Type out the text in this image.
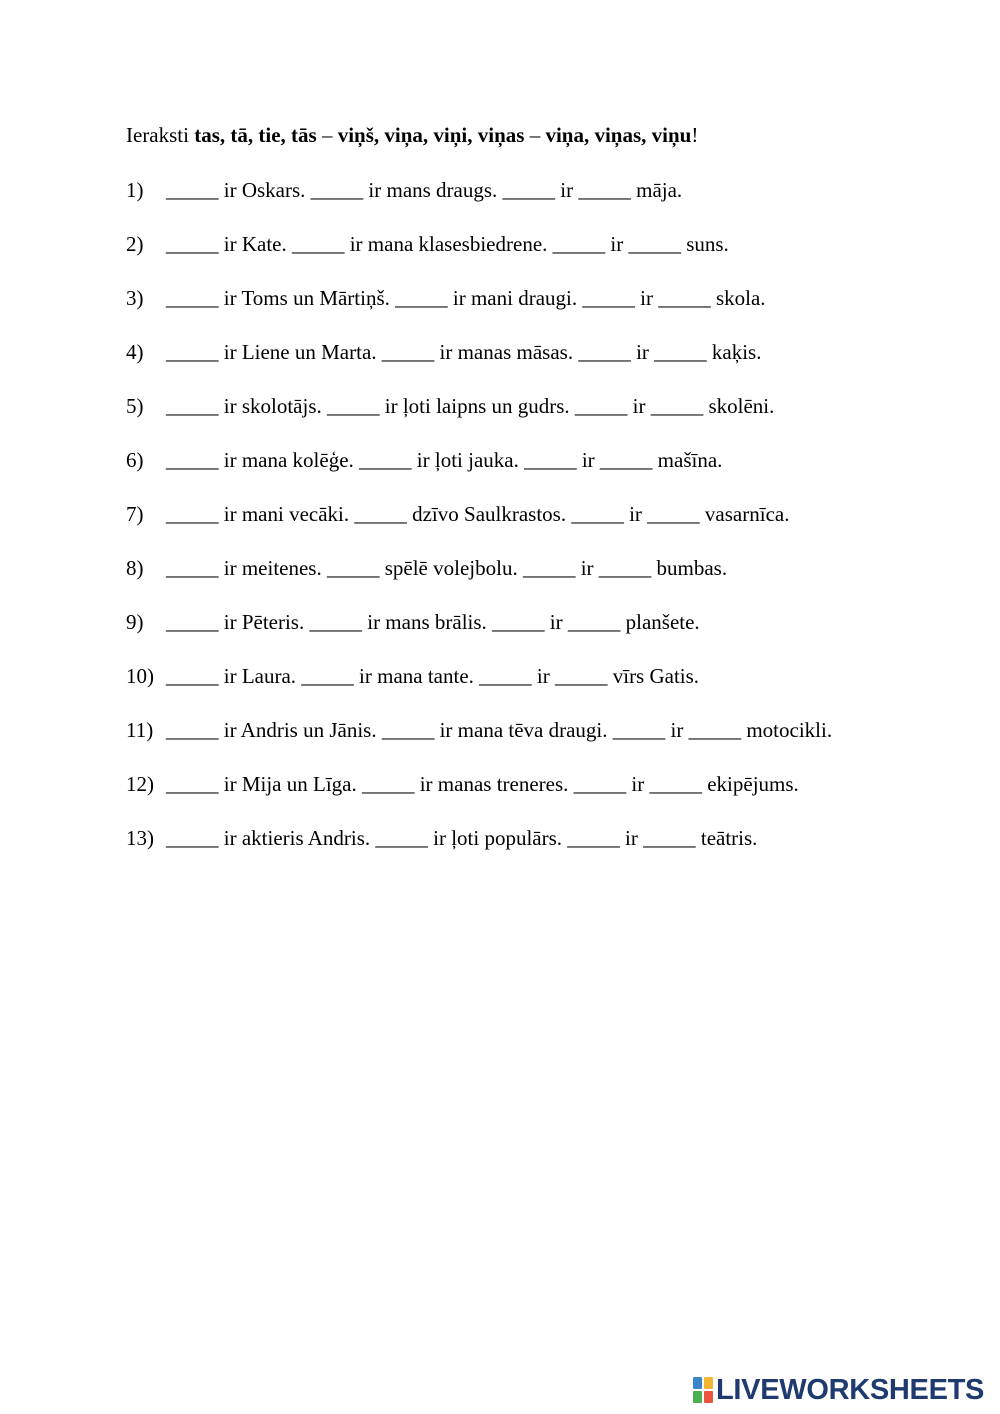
Ieraksti tas, tā, tie, tās – viņš, viņa, viņi, viņas – viņa, viņas, viņu!
1) _____ ir Oskars. _____ ir mans draugs. _____ ir _____ māja.
2) _____ ir Kate. _____ ir mana klasesbiedrene. _____ ir _____ suns.
3) _____ ir Toms un Mārtiņš. _____ ir mani draugi. _____ ir _____ skola.
4) _____ ir Liene un Marta. _____ ir manas māsas. _____ ir _____ kaķis.
5) _____ ir skolotājs. _____ ir ļoti laipns un gudrs. _____ ir _____ skolēni.
6) _____ ir mana kolēģe. _____ ir ļoti jauka. _____ ir _____ mašīna.
7) _____ ir mani vecāki. _____ dzīvo Saulkrastos. _____ ir _____ vasarnīca.
8) _____ ir meitenes. _____ spēlē volejbolu. _____ ir _____ bumbas.
9) _____ ir Pēteris. _____ ir mans brālis. _____ ir _____ planšete.
10) _____ ir Laura. _____ ir mana tante. _____ ir _____ vīrs Gatis.
11) _____ ir Andris un Jānis. _____ ir mana tēva draugi. _____ ir _____ motocikli.
12) _____ ir Mija un Līga. _____ ir manas treneres. _____ ir _____ ekipējums.
13) _____ ir aktieris Andris. _____ ir ļoti populārs. _____ ir _____ teātris.
LIVEWORKSHEETS
